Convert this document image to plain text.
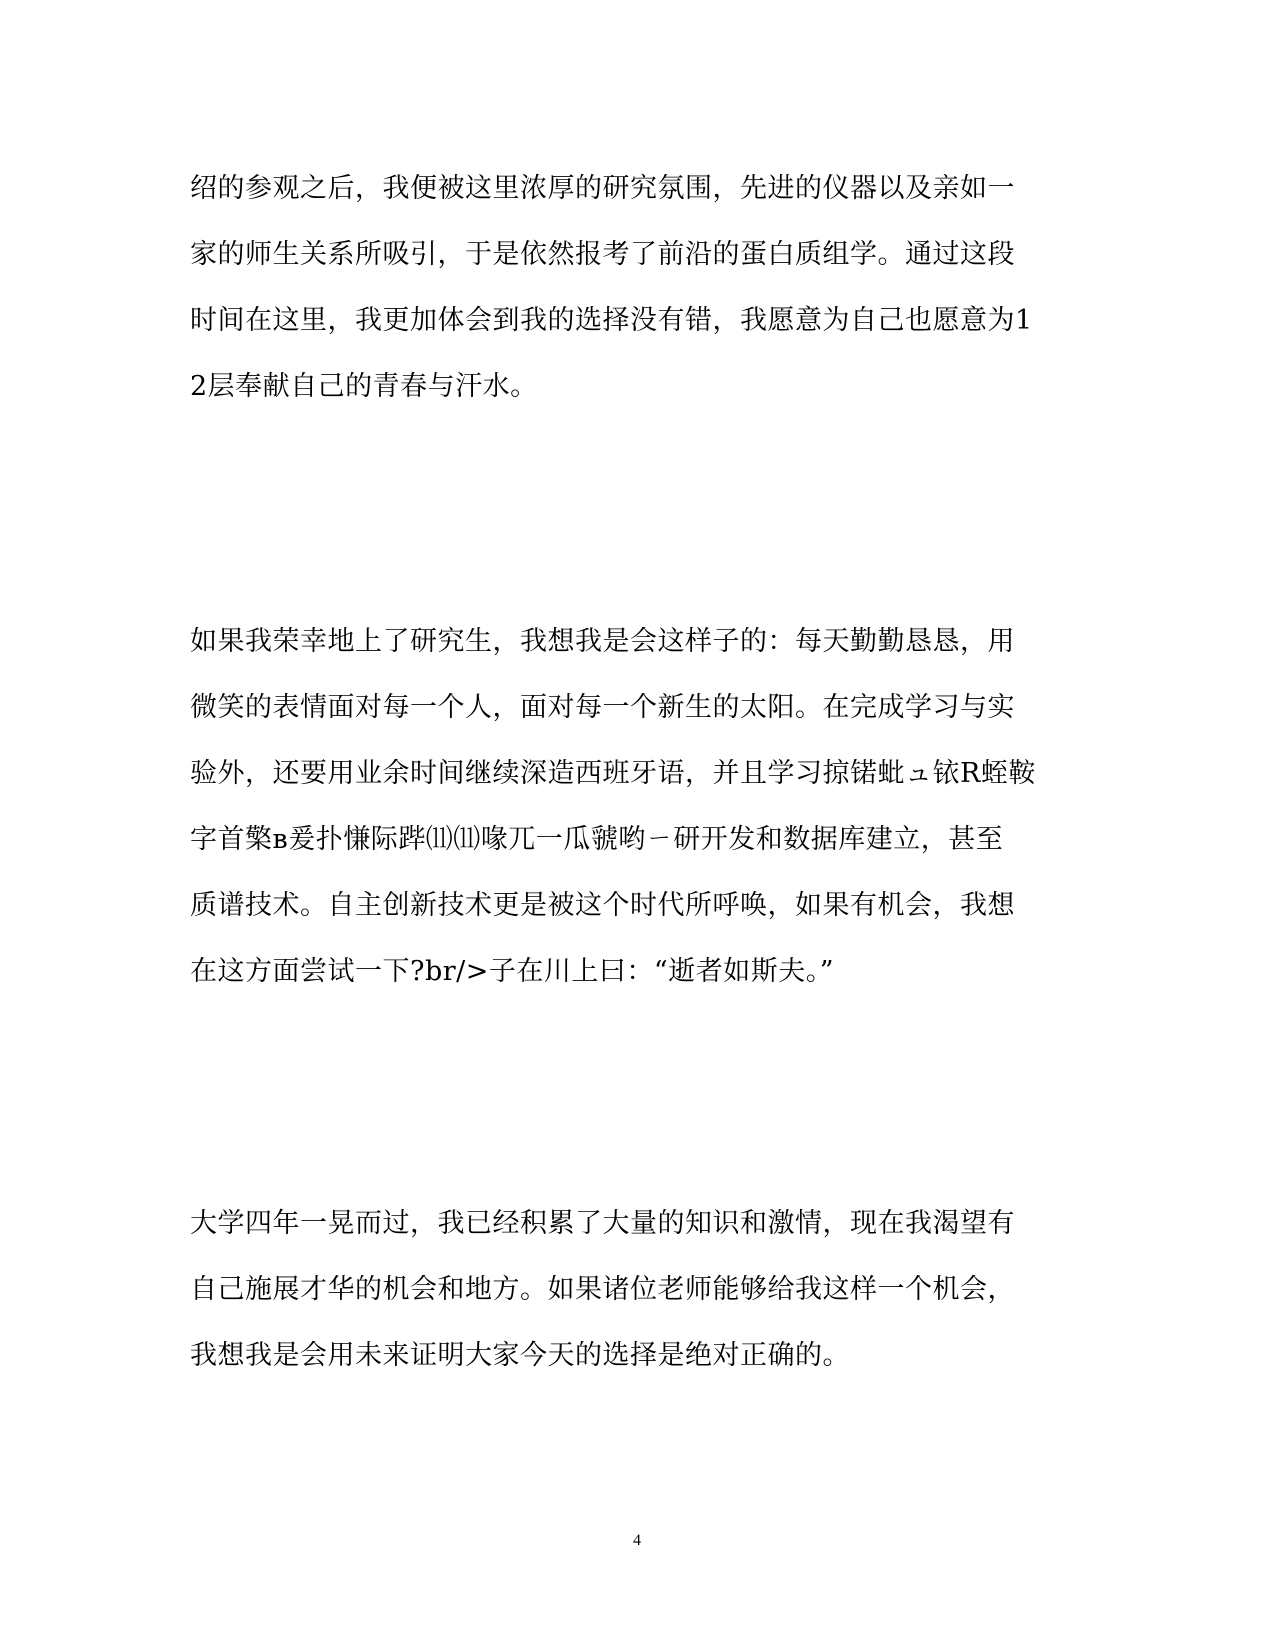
绍的参观之后，我便被这里浓厚的研究氛围，先进的仪器以及亲如一
家的师生关系所吸引，于是依然报考了前沿的蛋白质组学。通过这段
时间在这里，我更加体会到我的选择没有错，我愿意为自己也愿意为1
2层奉献自己的青春与汗水。
如果我荣幸地上了研究生，我想我是会这样子的：每天勤勤恳恳，用
微笑的表情面对每一个人，面对每一个新生的太阳。在完成学习与实
验外，还要用业余时间继续深造西班牙语，并且学习掠锘蚍ュ铱R蛭鞍
字首檠ʙ爰扑慊际跸⑾⑾喙兀一瓜虢哟ㄧ研开发和数据库建立，甚至
质谱技术。自主创新技术更是被这个时代所呼唤，如果有机会，我想
在这方面尝试一下?br/>子在川上曰：“逝者如斯夫。”
大学四年一晃而过，我已经积累了大量的知识和激情，现在我渴望有
自己施展才华的机会和地方。如果诸位老师能够给我这样一个机会，
我想我是会用未来证明大家今天的选择是绝对正确的。
4
